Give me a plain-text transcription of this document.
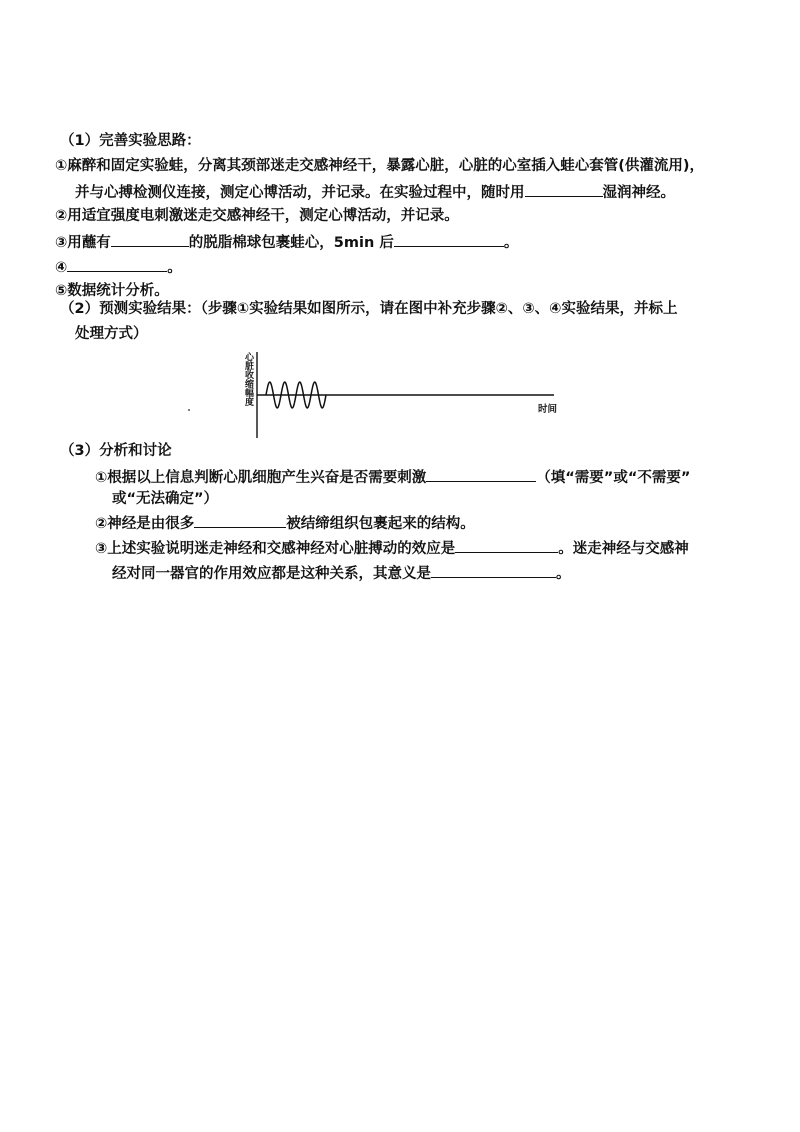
（1）完善实验思路：
①麻醉和固定实验蛙，分离其颈部迷走交感神经干，暴露心脏，心脏的心室插入蛙心套管(供灌流用)，
并与心搏检测仪连接，测定心博活动，并记录。在实验过程中，随时用	湿润神经。
②用适宜强度电刺激迷走交感神经干，测定心博活动，并记录。
③用蘸有	的脱脂棉球包裹蛙心，5min 后	。
④	。
⑤数据统计分析。
（2）预测实验结果：（步骤①实验结果如图所示，请在图中补充步骤②、③、④实验结果，并标上
处理方式）
心脏收缩幅度
时间
（3）分析和讨论
①根据以上信息判断心肌细胞产生兴奋是否需要刺激	（填“需要”或“不需要”
或“无法确定”）
②神经是由很多	被结缔组织包裹起来的结构。
③上述实验说明迷走神经和交感神经对心脏搏动的效应是	。迷走神经与交感神
经对同一器官的作用效应都是这种关系，其意义是	。
